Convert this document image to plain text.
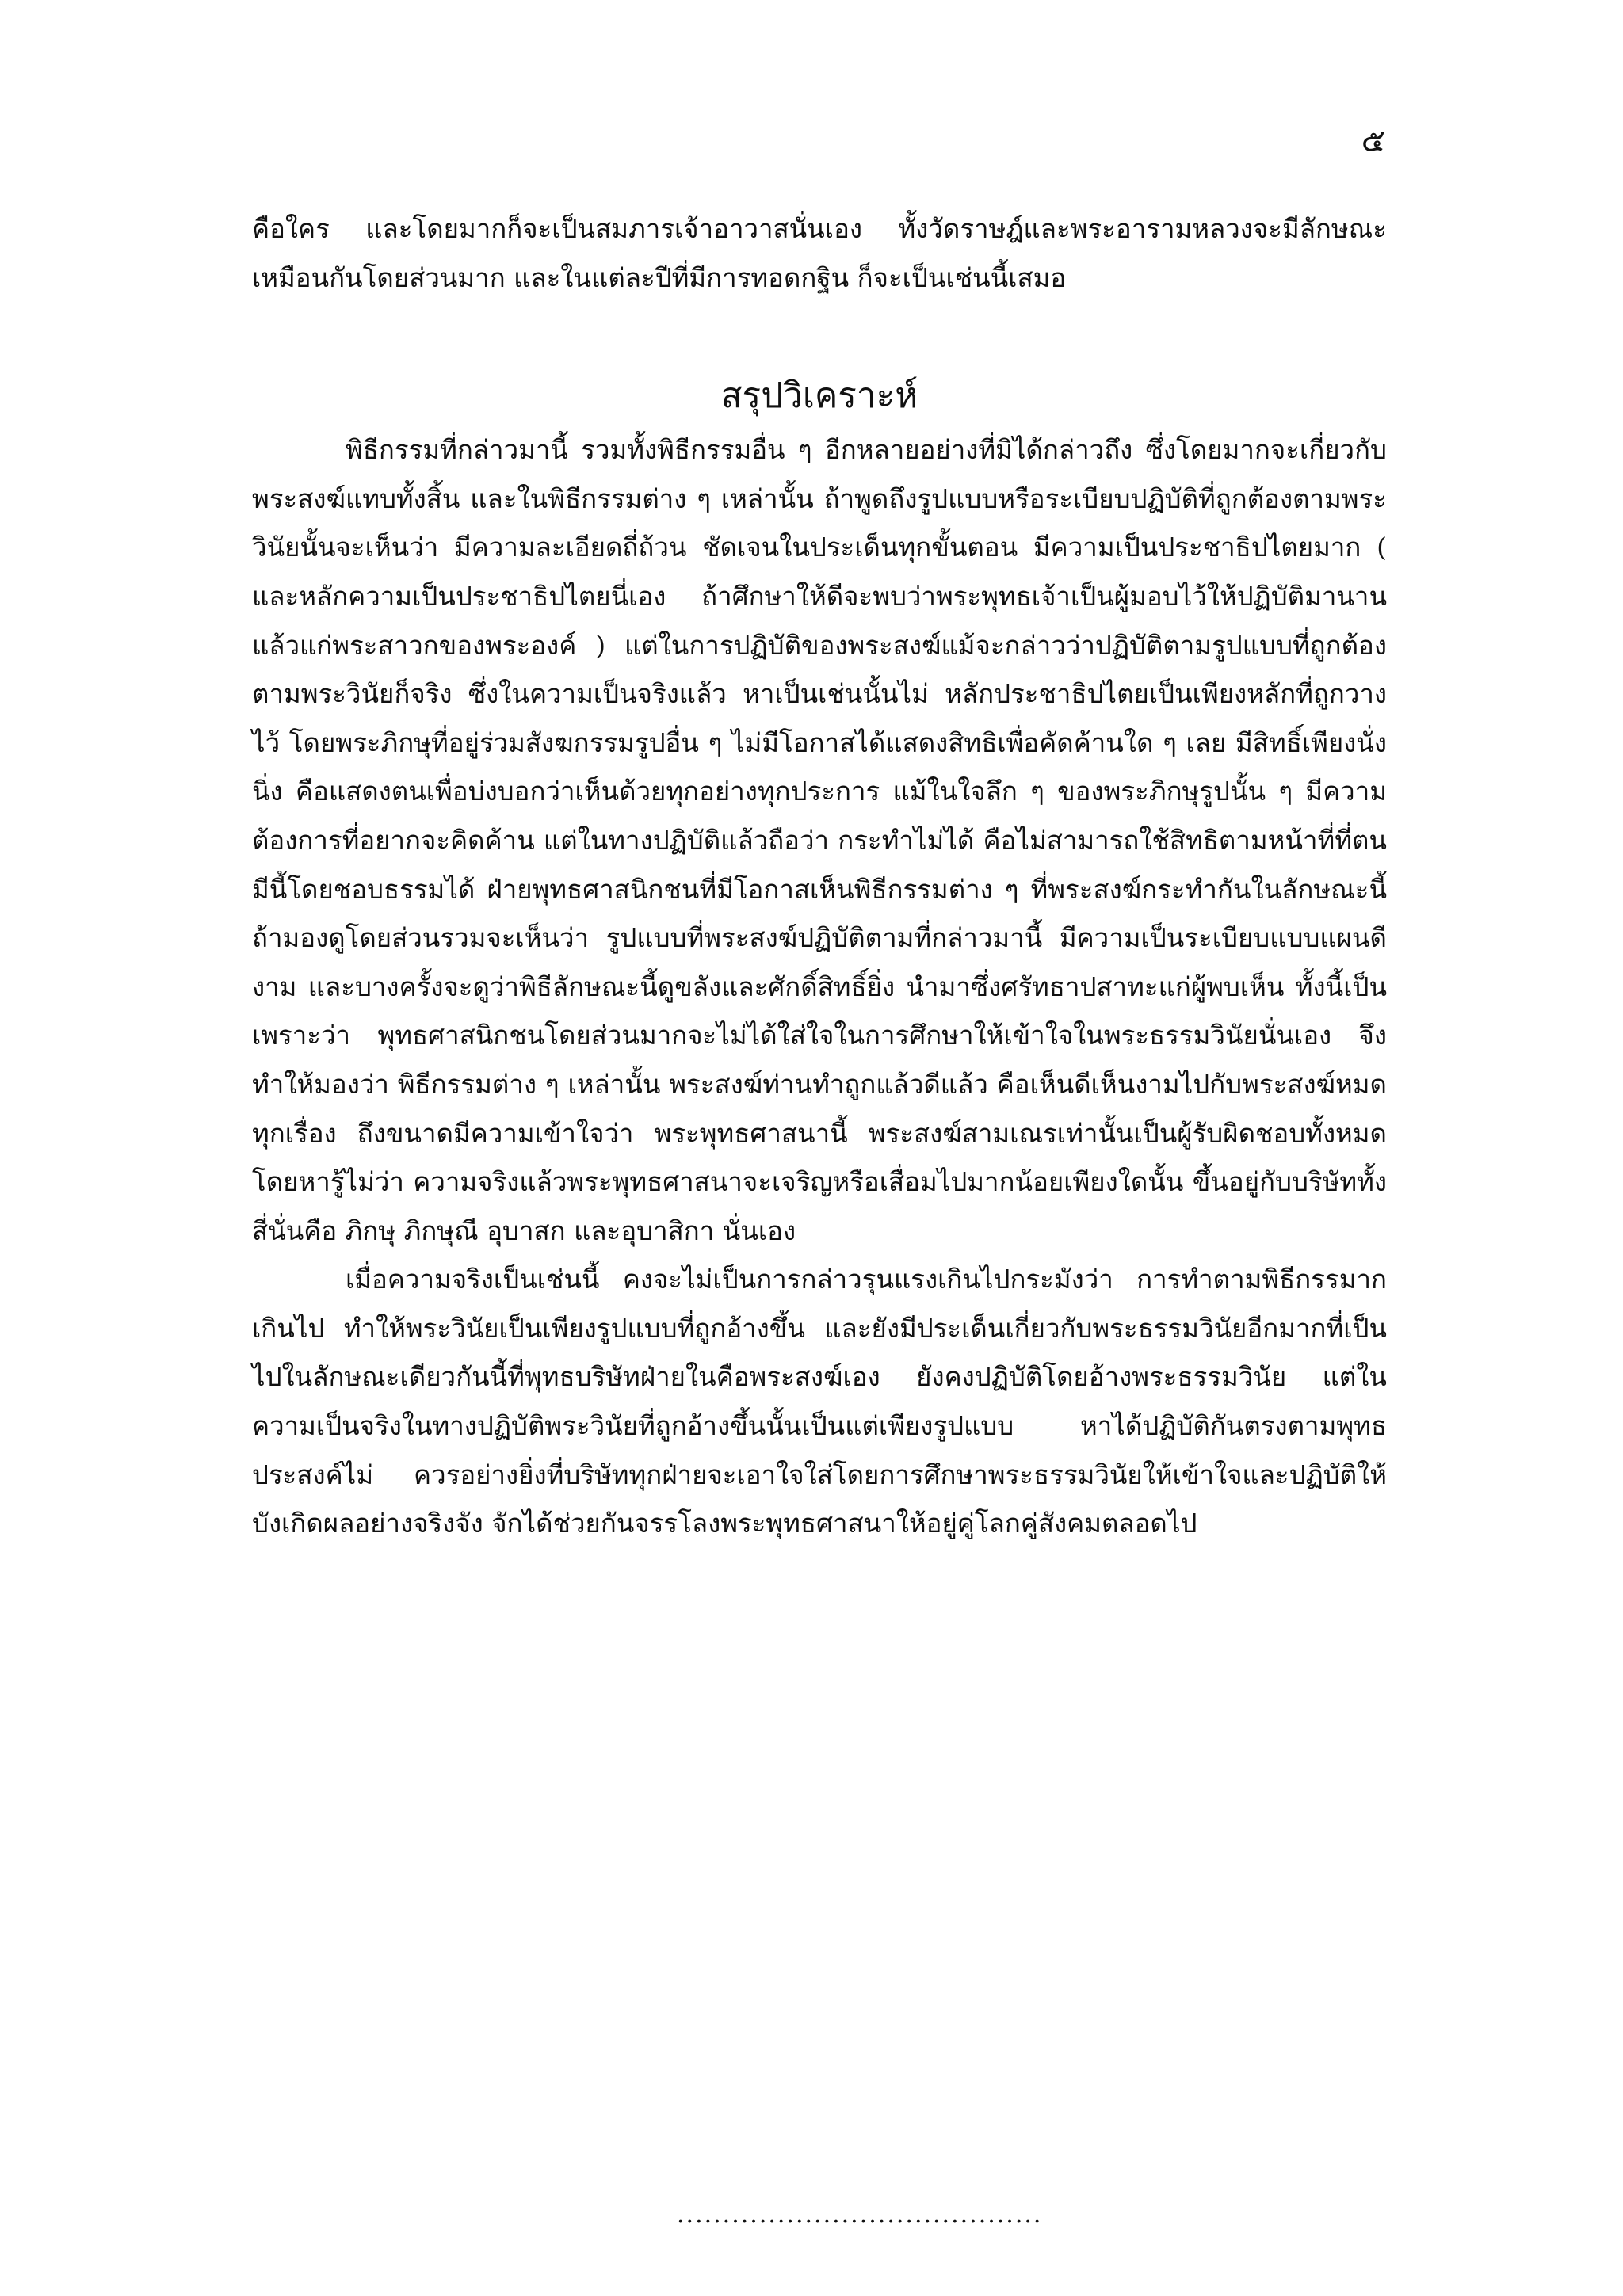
๕

คือใคร และโดยมากก็จะเป็นสมภารเจ้าอาวาสนั่นเอง ทั้งวัดราษฎ์และพระอารามหลวงจะมีลักษณะเหมือนกันโดยส่วนมาก และในแต่ละปีที่มีการทอดกฐิน ก็จะเป็นเช่นนี้เสมอ

สรุปวิเคราะห์

พิธีกรรมที่กล่าวมานี้ รวมทั้งพิธีกรรมอื่น ๆ อีกหลายอย่างที่มิได้กล่าวถึง ซึ่งโดยมากจะเกี่ยวกับพระสงฆ์แทบทั้งสิ้น และในพิธีกรรมต่าง ๆ เหล่านั้น ถ้าพูดถึงรูปแบบหรือระเบียบปฏิบัติที่ถูกต้องตามพระวินัยนั้นจะเห็นว่า มีความละเอียดถี่ถ้วน ชัดเจนในประเด็นทุกขั้นตอน มีความเป็นประชาธิปไตยมาก ( และหลักความเป็นประชาธิปไตยนี่เอง ถ้าศึกษาให้ดีจะพบว่าพระพุทธเจ้าเป็นผู้มอบไว้ให้ปฏิบัติมานานแล้วแก่พระสาวกของพระองค์ ) แต่ในการปฏิบัติของพระสงฆ์แม้จะกล่าวว่าปฏิบัติตามรูปแบบที่ถูกต้องตามพระวินัยก็จริง ซึ่งในความเป็นจริงแล้ว หาเป็นเช่นนั้นไม่ หลักประชาธิปไตยเป็นเพียงหลักที่ถูกวางไว้ โดยพระภิกษุที่อยู่ร่วมสังฆกรรมรูปอื่น ๆ ไม่มีโอกาสได้แสดงสิทธิเพื่อคัดค้านใด ๆ เลย มีสิทธิ์เพียงนั่งนิ่ง คือแสดงตนเพื่อบ่งบอกว่าเห็นด้วยทุกอย่างทุกประการ แม้ในใจลึก ๆ ของพระภิกษุรูปนั้น ๆ มีความต้องการที่อยากจะคิดค้าน แต่ในทางปฏิบัติแล้วถือว่า กระทำไม่ได้ คือไม่สามารถใช้สิทธิตามหน้าที่ที่ตนมีนี้โดยชอบธรรมได้ ฝ่ายพุทธศาสนิกชนที่มีโอกาสเห็นพิธีกรรมต่าง ๆ ที่พระสงฆ์กระทำกันในลักษณะนี้ ถ้ามองดูโดยส่วนรวมจะเห็นว่า รูปแบบที่พระสงฆ์ปฏิบัติตามที่กล่าวมานี้ มีความเป็นระเบียบแบบแผนดีงาม และบางครั้งจะดูว่าพิธีลักษณะนี้ดูขลังและศักดิ์สิทธิ์ยิ่ง นำมาซึ่งศรัทธาปสาทะแก่ผู้พบเห็น ทั้งนี้เป็นเพราะว่า พุทธศาสนิกชนโดยส่วนมากจะไม่ได้ใส่ใจในการศึกษาให้เข้าใจในพระธรรมวินัยนั่นเอง จึงทำให้มองว่า พิธีกรรมต่าง ๆ เหล่านั้น พระสงฆ์ท่านทำถูกแล้วดีแล้ว คือเห็นดีเห็นงามไปกับพระสงฆ์หมดทุกเรื่อง ถึงขนาดมีความเข้าใจว่า พระพุทธศาสนานี้ พระสงฆ์สามเณรเท่านั้นเป็นผู้รับผิดชอบทั้งหมด โดยหารู้ไม่ว่า ความจริงแล้วพระพุทธศาสนาจะเจริญหรือเสื่อมไปมากน้อยเพียงใดนั้น ขึ้นอยู่กับบริษัททั้งสี่นั่นคือ ภิกษุ ภิกษุณี อุบาสก และอุบาสิกา นั่นเอง

เมื่อความจริงเป็นเช่นนี้ คงจะไม่เป็นการกล่าวรุนแรงเกินไปกระมังว่า การทำตามพิธีกรรมากเกินไป ทำให้พระวินัยเป็นเพียงรูปแบบที่ถูกอ้างขึ้น และยังมีประเด็นเกี่ยวกับพระธรรมวินัยอีกมากที่เป็นไปในลักษณะเดียวกันนี้ที่พุทธบริษัทฝ่ายในคือพระสงฆ์เอง ยังคงปฏิบัติโดยอ้างพระธรรมวินัย แต่ในความเป็นจริงในทางปฏิบัติพระวินัยที่ถูกอ้างขึ้นนั้นเป็นแต่เพียงรูปแบบ หาได้ปฏิบัติกันตรงตามพุทธประสงค์ไม่ ควรอย่างยิ่งที่บริษัททุกฝ่ายจะเอาใจใส่โดยการศึกษาพระธรรมวินัยให้เข้าใจและปฏิบัติให้บังเกิดผลอย่างจริงจัง จักได้ช่วยกันจรรโลงพระพุทธศาสนาให้อยู่คู่โลกคู่สังคมตลอดไป

........................................
